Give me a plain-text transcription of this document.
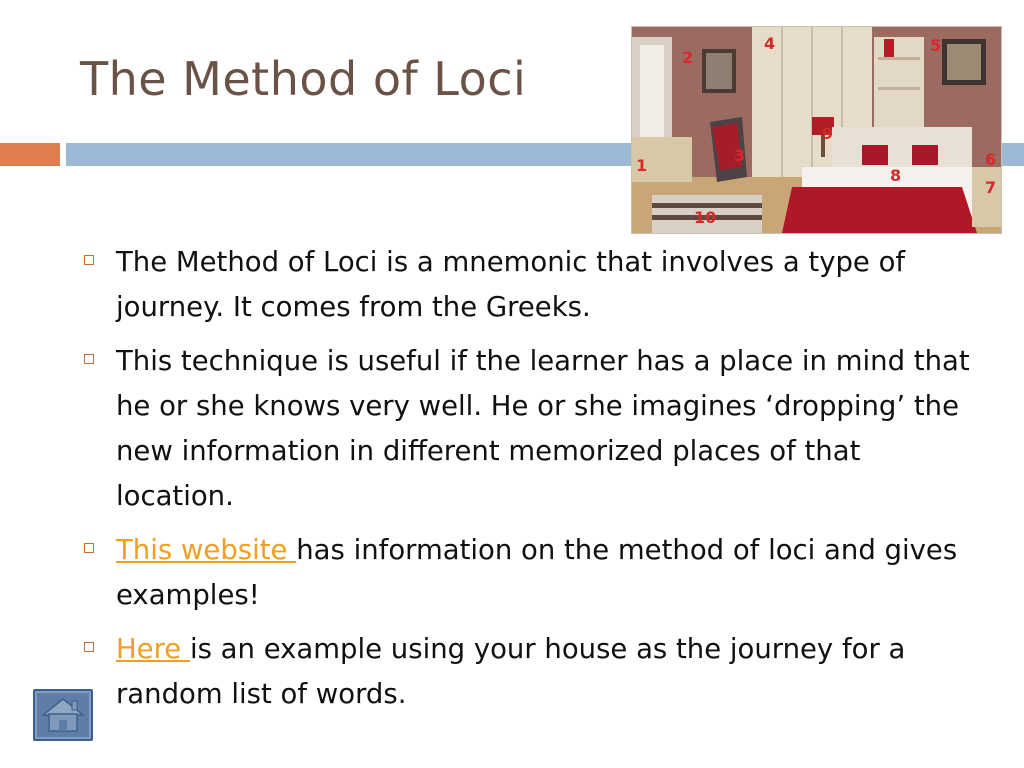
The Method of Loci
1
2
3
4	5
6
7
8
9
10
The Method of Loci is a mnemonic that involves a type of journey. It comes from the Greeks.
This technique is useful if the learner has a place in mind that he or she knows very well. He or she imagines ‘dropping’ the new information in different memorized places of that location.
This website has information on the method of loci and gives examples!
Here is an example using your house as the journey for a random list of words.
